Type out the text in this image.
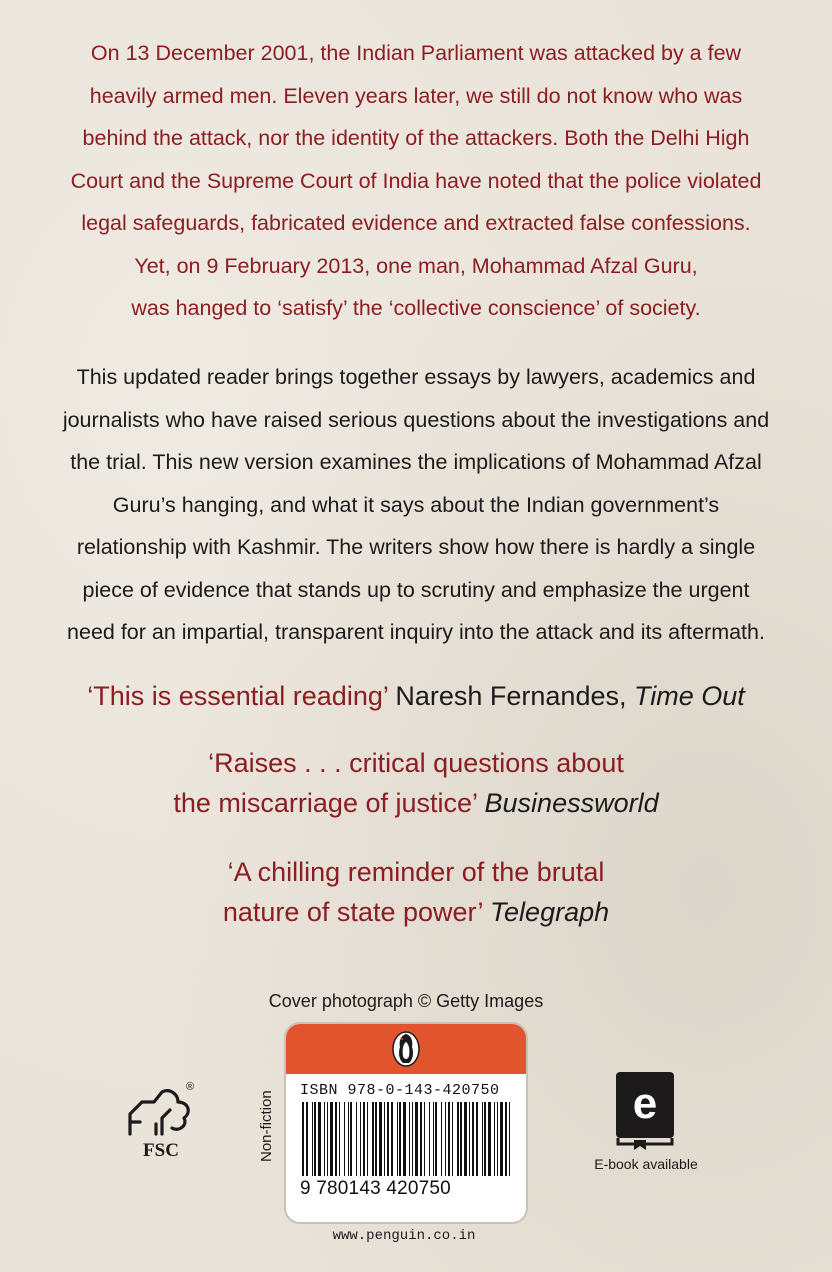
On 13 December 2001, the Indian Parliament was attacked by a few
heavily armed men. Eleven years later, we still do not know who was
behind the attack, nor the identity of the attackers. Both the Delhi High
Court and the Supreme Court of India have noted that the police violated
legal safeguards, fabricated evidence and extracted false confessions.
Yet, on 9 February 2013, one man, Mohammad Afzal Guru,
was hanged to ‘satisfy’ the ‘collective conscience’ of society.
This updated reader brings together essays by lawyers, academics and
journalists who have raised serious questions about the investigations and
the trial. This new version examines the implications of Mohammad Afzal
Guru’s hanging, and what it says about the Indian government’s
relationship with Kashmir. The writers show how there is hardly a single
piece of evidence that stands up to scrutiny and emphasize the urgent
need for an impartial, transparent inquiry into the attack and its aftermath.
‘This is essential reading’ Naresh Fernandes, Time Out
‘Raises . . . critical questions about
the miscarriage of justice’ Businessworld
‘A chilling reminder of the brutal
nature of state power’ Telegraph
Cover photograph © Getty Images
®
FSC	Non-fiction ISBN 978-0-143-420750
9 780143 420750
www.penguin.co.in
e
E-book available
